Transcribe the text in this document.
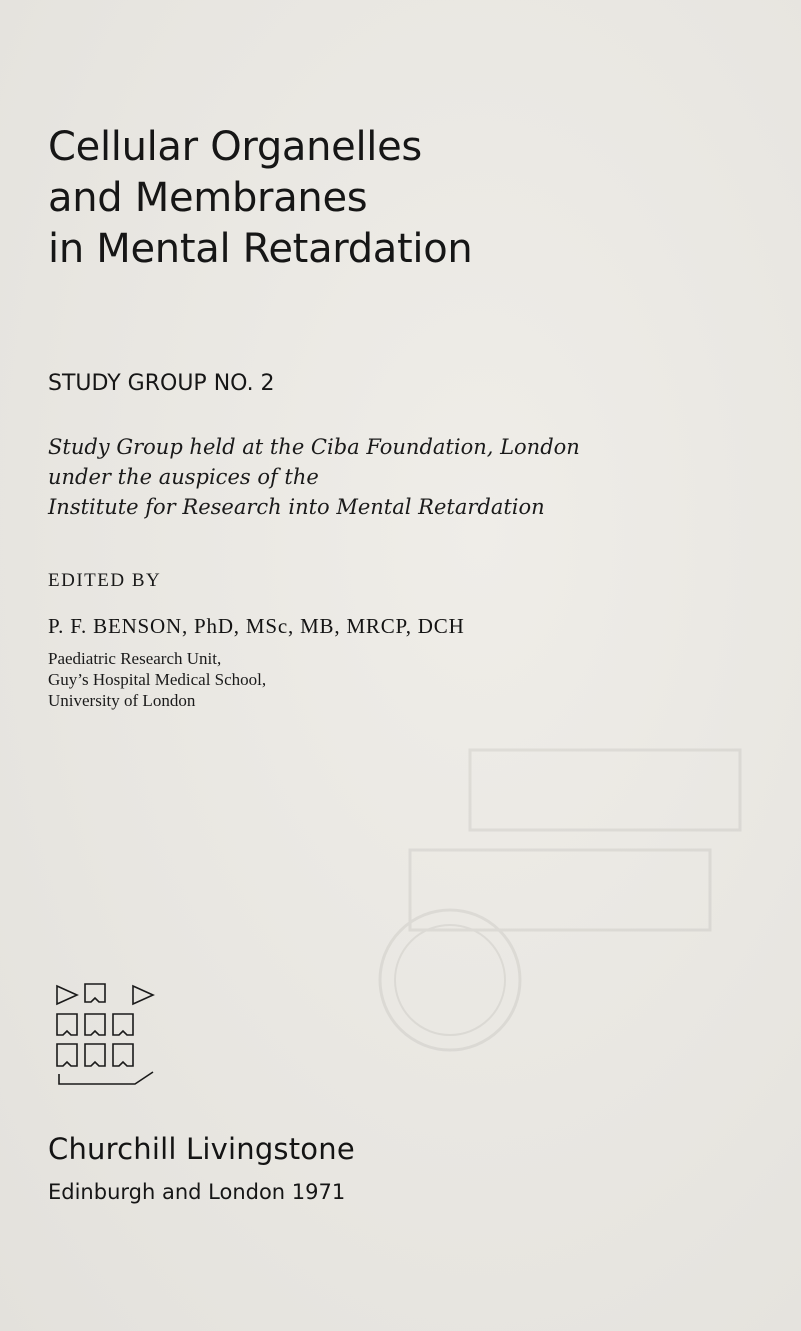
Cellular Organelles
and Membranes
in Mental Retardation
STUDY GROUP NO. 2
Study Group held at the Ciba Foundation, London
under the auspices of the
Institute for Research into Mental Retardation
EDITED BY
P. F. BENSON, PhD, MSc, MB, MRCP, DCH
Paediatric Research Unit,
Guy’s Hospital Medical School,
University of London
Churchill Livingstone
Edinburgh and London 1971
